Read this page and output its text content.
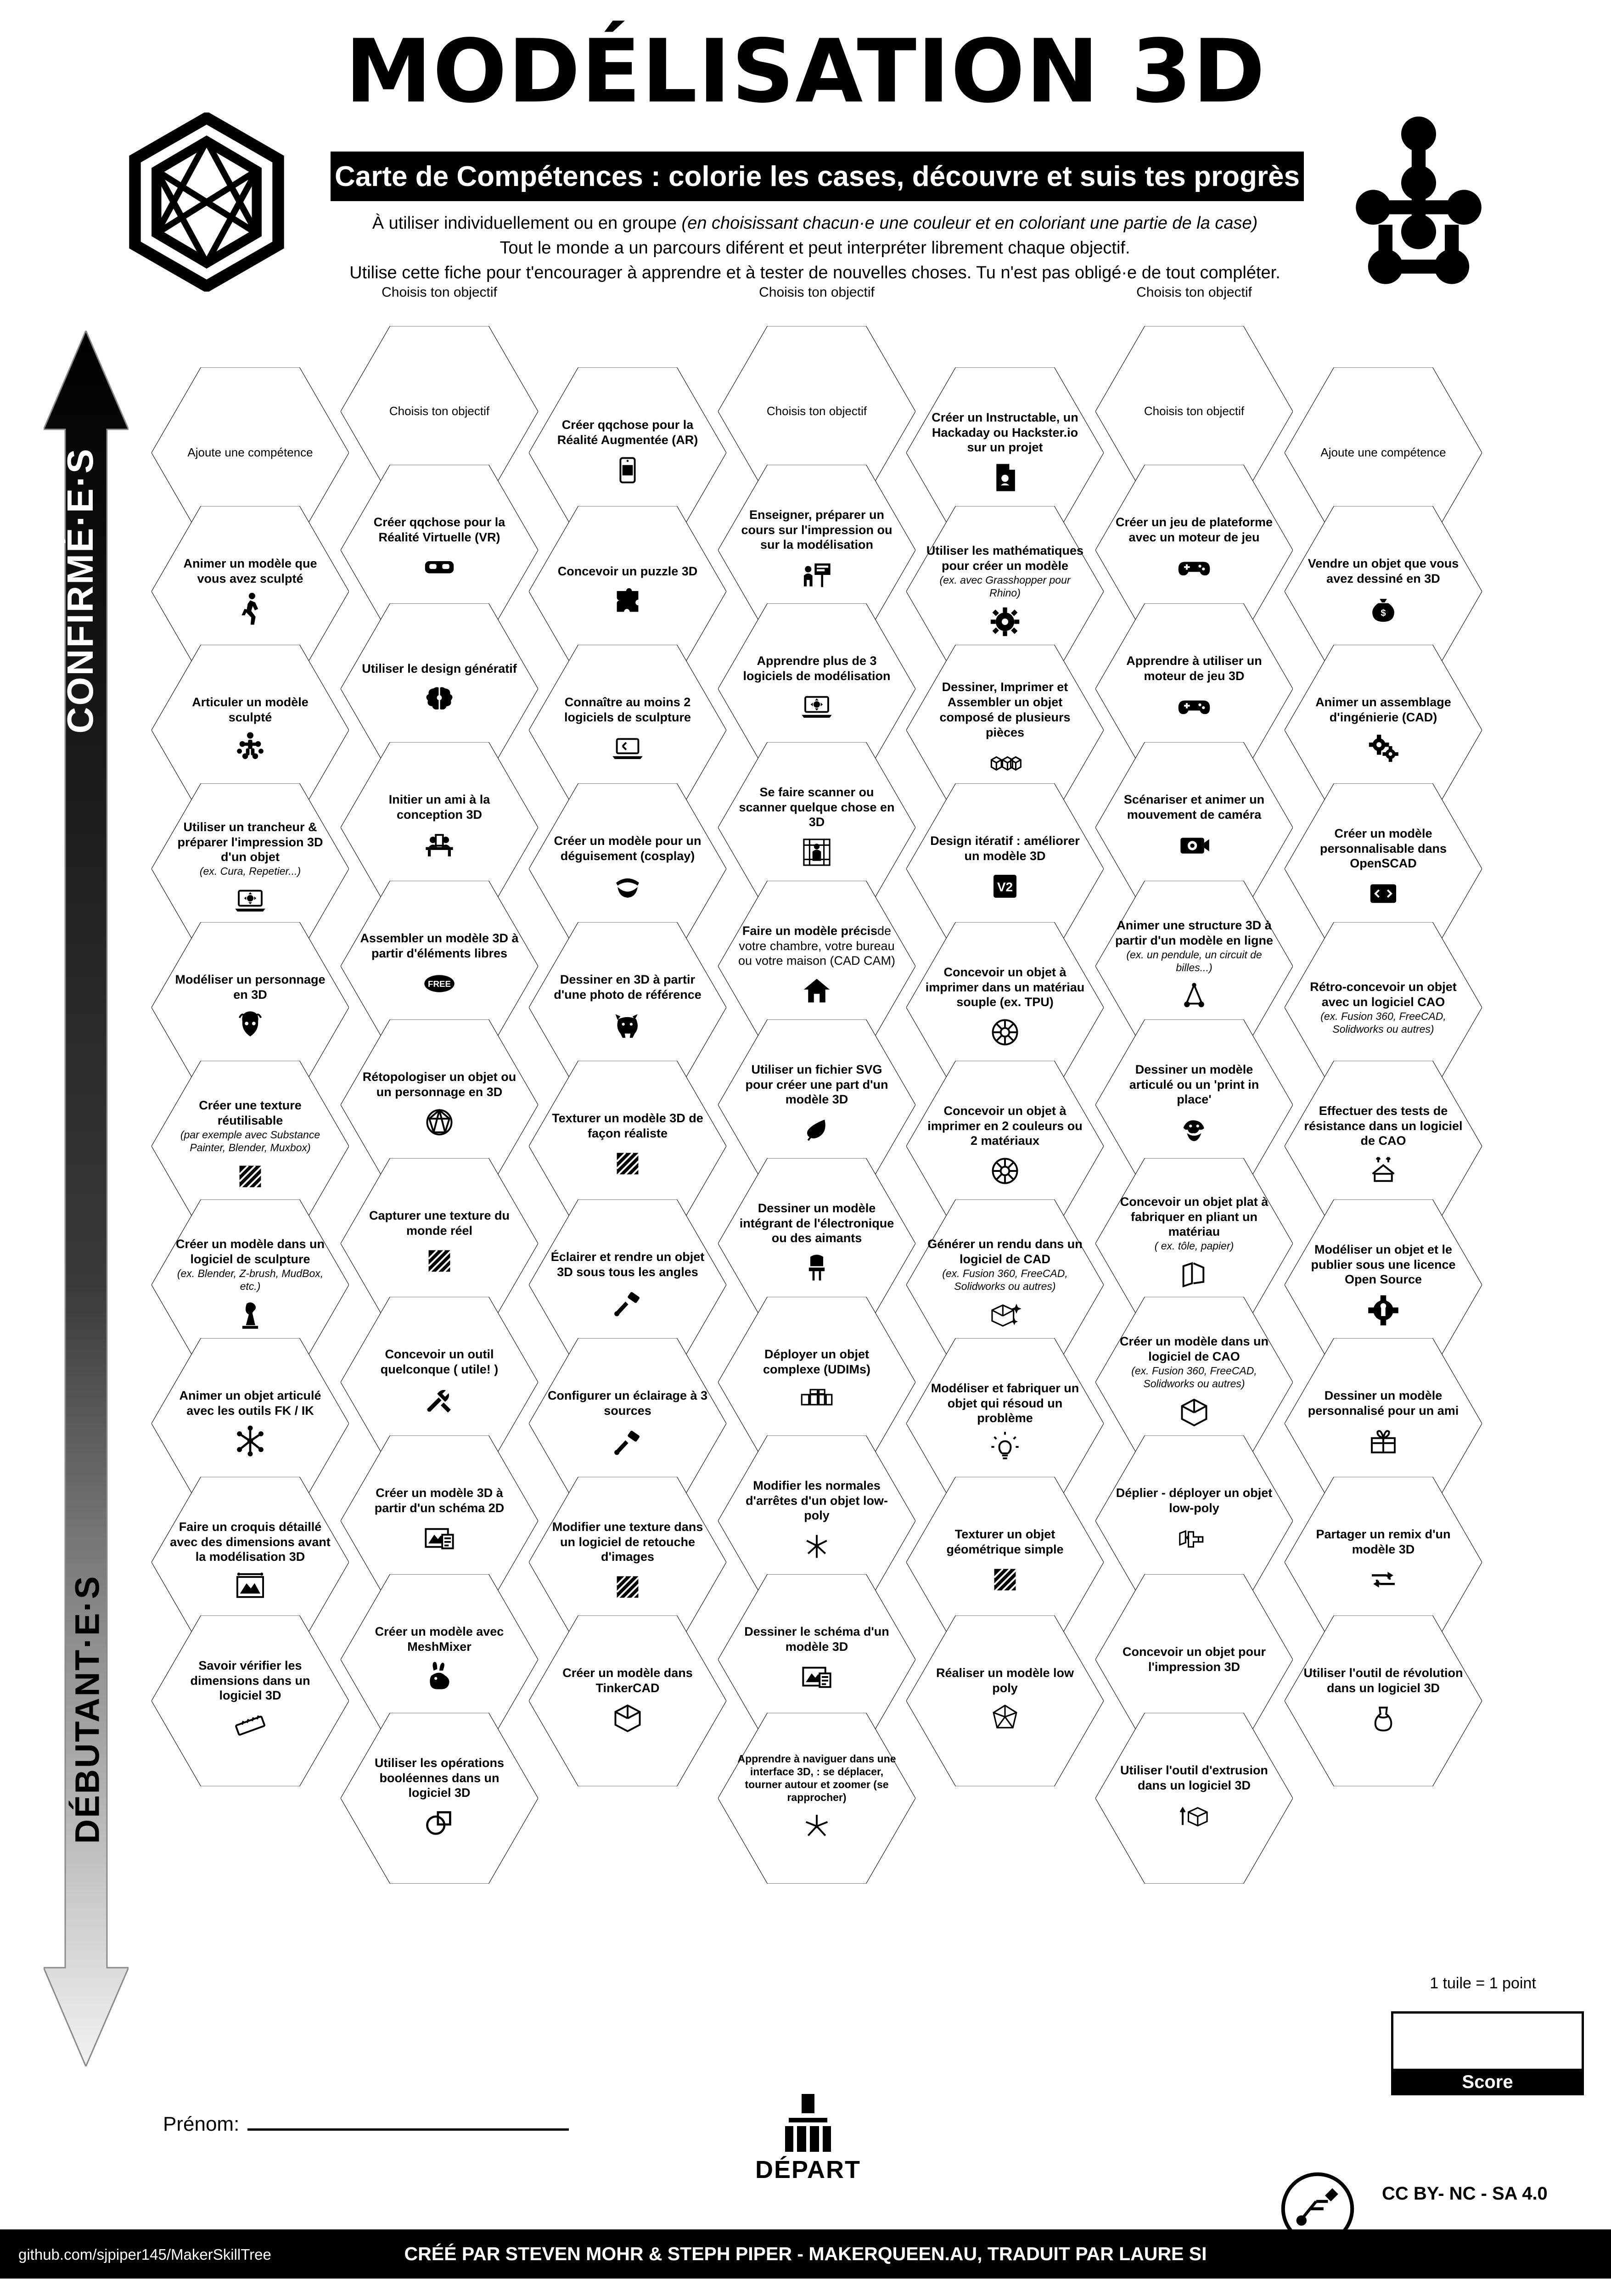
MODÉLISATION 3D
Carte de Compétences : colorie les cases, découvre et suis tes progrès
À utiliser individuellement ou en groupe (en choisissant chacun·e une couleur et en coloriant une partie de la case)
Tout le monde a un parcours diférent et peut interpréter librement chaque objectif.
Utilise cette fiche pour t'encourager à apprendre et à tester de nouvelles choses. Tu n'est pas obligé·e de tout compléter.
CONFIRMÉ·E·S
DÉBUTANT·E·S
Ajoute une compétence
Animer un modèle que vous avez sculpté
Articuler un modèle sculpté
Utiliser un trancheur & préparer l'impression 3D d'un objet
(ex. Cura, Repetier...)
Modéliser un personnage en 3D
Créer une texture réutilisable
(par exemple avec Substance Painter, Blender, Muxbox)
Créer un modèle dans un logiciel de sculpture
(ex. Blender, Z-brush, MudBox, etc.)
Animer un objet articulé avec les outils FK / IK
Faire un croquis détaillé avec des dimensions avant la modélisation 3D
Savoir vérifier les dimensions dans un logiciel 3D
Choisis ton objectif
Créer qqchose pour la Réalité Virtuelle (VR)
Utiliser le design génératif
Initier un ami à la conception 3D
Assembler un modèle 3D à partir d'éléments libres
FREE
Rétopologiser un objet ou un personnage en 3D
Capturer une texture du monde réel
Concevoir un outil quelconque ( utile! )
Créer un modèle 3D à partir d'un schéma 2D
Créer un modèle avec MeshMixer
Utiliser les opérations booléennes dans un logiciel 3D
Créer qqchose pour la Réalité Augmentée (AR)
Concevoir un puzzle 3D
Connaître au moins 2 logiciels de sculpture
Créer un modèle pour un déguisement (cosplay)
Dessiner en 3D à partir d'une photo de référence
Texturer un modèle 3D de façon réaliste
Éclairer et rendre un objet 3D sous tous les angles
Configurer un éclairage à 3 sources
Modifier une texture dans un logiciel de retouche d'images
Créer un modèle dans TinkerCAD
Choisis ton objectif
Enseigner, préparer un cours sur l'impression ou sur la modélisation
Apprendre plus de 3 logiciels de modélisation
Se faire scanner ou scanner quelque chose en 3D
Faire un modèle précisde votre chambre, votre bureau ou votre maison (CAD CAM)
Utiliser un fichier SVG pour créer une part d'un modèle 3D
Dessiner un modèle intégrant de l'électronique ou des aimants
Déployer un objet complexe (UDIMs)
Modifier les normales d'arrêtes d'un objet low-poly
Dessiner le schéma d'un modèle 3D
Apprendre à naviguer dans une interface 3D, : se déplacer, tourner autour et zoomer (se rapprocher)
Créer un Instructable, un Hackaday ou Hackster.io sur un projet
Utiliser les mathématiques pour créer un modèle
(ex. avec Grasshopper pour Rhino)
Dessiner, Imprimer et Assembler un objet composé de plusieurs pièces
Design itératif : améliorer un modèle 3D
V2
Concevoir un objet à imprimer dans un matériau souple (ex. TPU)
Concevoir un objet à imprimer en 2 couleurs ou 2 matériaux
Générer un rendu dans un logiciel de CAD
(ex. Fusion 360, FreeCAD, Solidworks ou autres)
Modéliser et fabriquer un objet qui résoud un problème
Texturer un objet géométrique simple
Réaliser un modèle low poly
Choisis ton objectif
Créer un jeu de plateforme avec un moteur de jeu
Apprendre à utiliser un moteur de jeu 3D
Scénariser et animer un mouvement de caméra
Animer une structure 3D à partir d'un modèle en ligne
(ex. un pendule, un circuit de billes...)
Dessiner un modèle articulé ou un 'print in place'
Concevoir un objet plat à fabriquer en pliant un matériau
( ex. tôle, papier)
Créer un modèle dans un logiciel de CAO
(ex. Fusion 360, FreeCAD, Solidworks ou autres)
Déplier - déployer un objet low-poly
Concevoir un objet pour l'impression 3D
Utiliser l'outil d'extrusion dans un logiciel 3D
Ajoute une compétence
Vendre un objet que vous avez dessiné en 3D
$
Animer un assemblage d'ingénierie (CAD)
Créer un modèle personnalisable dans OpenSCAD
Rétro-concevoir un objet avec un logiciel CAO
(ex. Fusion 360, FreeCAD, Solidworks ou autres)
Effectuer des tests de résistance dans un logiciel de CAO
Modéliser un objet et le publier sous une licence Open Source
Dessiner un modèle personnalisé pour un ami
Partager un remix d'un modèle 3D
Utiliser l'outil de révolution dans un logiciel 3D
Choisis ton objectif	Choisis ton objectif	Choisis ton objectif
DÉPART
1 tuile = 1 point
Score
Prénom:
CC BY- NC - SA 4.0
github.com/sjpiper145/MakerSkillTree	CRÉÉ PAR STEVEN MOHR & STEPH PIPER - MAKERQUEEN.AU, TRADUIT PAR LAURE SI
